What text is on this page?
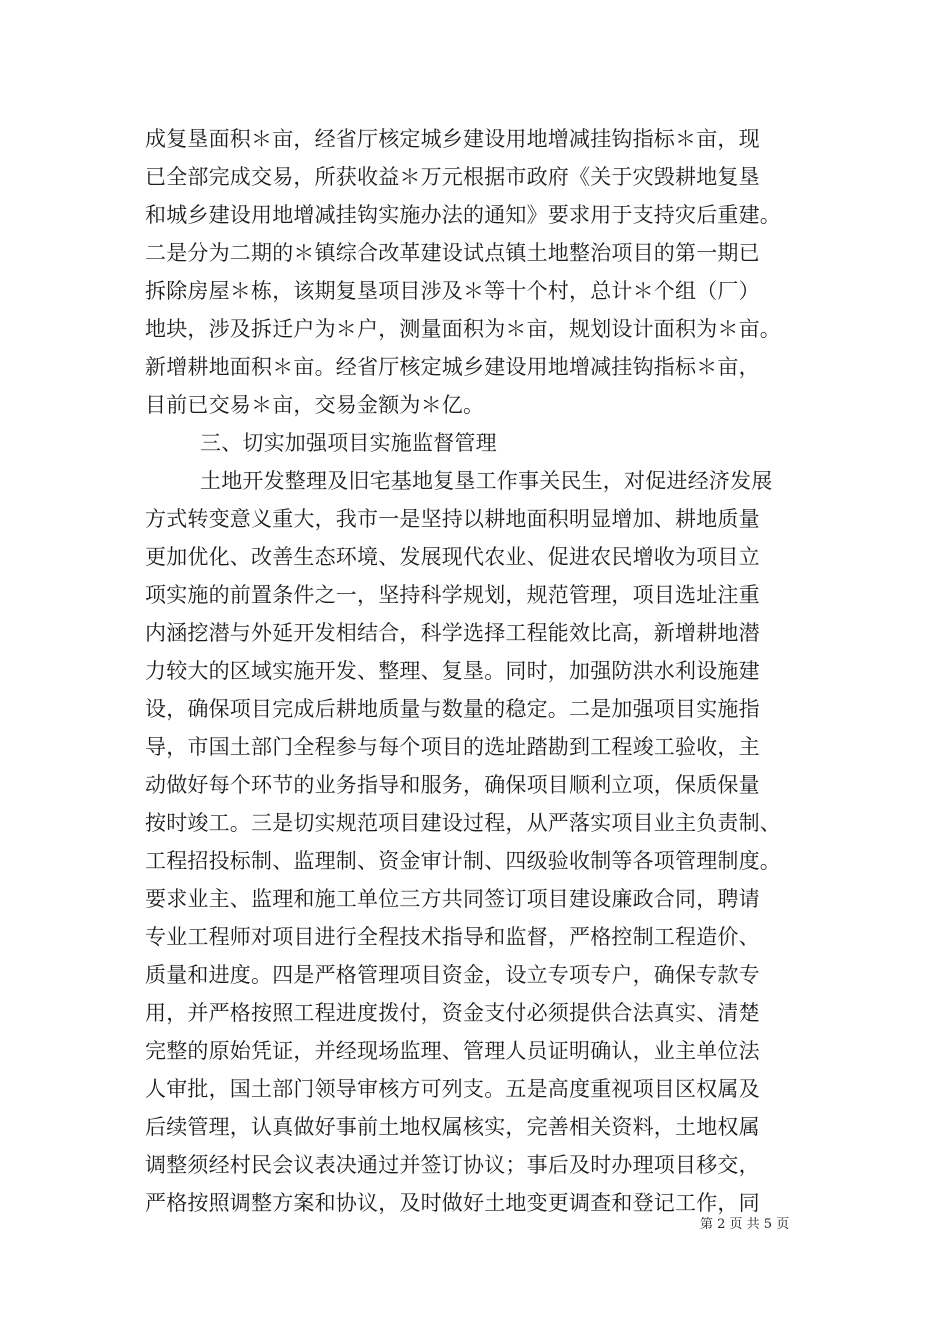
成复垦面积＊亩，经省厅核定城乡建设用地增减挂钩指标＊亩，现
已全部完成交易，所获收益＊万元根据市政府《关于灾毁耕地复垦
和城乡建设用地增减挂钩实施办法的通知》要求用于支持灾后重建。
二是分为二期的＊镇综合改革建设试点镇土地整治项目的第一期已
拆除房屋＊栋，该期复垦项目涉及＊等十个村，总计＊个组（厂）
地块，涉及拆迁户为＊户，测量面积为＊亩，规划设计面积为＊亩。
新增耕地面积＊亩。经省厅核定城乡建设用地增减挂钩指标＊亩，
目前已交易＊亩，交易金额为＊亿。
三、切实加强项目实施监督管理
土地开发整理及旧宅基地复垦工作事关民生，对促进经济发展
方式转变意义重大，我市一是坚持以耕地面积明显增加、耕地质量
更加优化、改善生态环境、发展现代农业、促进农民增收为项目立
项实施的前置条件之一，坚持科学规划，规范管理，项目选址注重
内涵挖潜与外延开发相结合，科学选择工程能效比高，新增耕地潜
力较大的区域实施开发、整理、复垦。同时，加强防洪水利设施建
设，确保项目完成后耕地质量与数量的稳定。二是加强项目实施指
导，市国土部门全程参与每个项目的选址踏勘到工程竣工验收，主
动做好每个环节的业务指导和服务，确保项目顺利立项，保质保量
按时竣工。三是切实规范项目建设过程，从严落实项目业主负责制、
工程招投标制、监理制、资金审计制、四级验收制等各项管理制度。
要求业主、监理和施工单位三方共同签订项目建设廉政合同，聘请
专业工程师对项目进行全程技术指导和监督，严格控制工程造价、
质量和进度。四是严格管理项目资金，设立专项专户，确保专款专
用，并严格按照工程进度拨付，资金支付必须提供合法真实、清楚
完整的原始凭证，并经现场监理、管理人员证明确认，业主单位法
人审批，国土部门领导审核方可列支。五是高度重视项目区权属及
后续管理，认真做好事前土地权属核实，完善相关资料，土地权属
调整须经村民会议表决通过并签订协议；事后及时办理项目移交，
严格按照调整方案和协议，及时做好土地变更调查和登记工作，同
第 2 页 共 5 页
